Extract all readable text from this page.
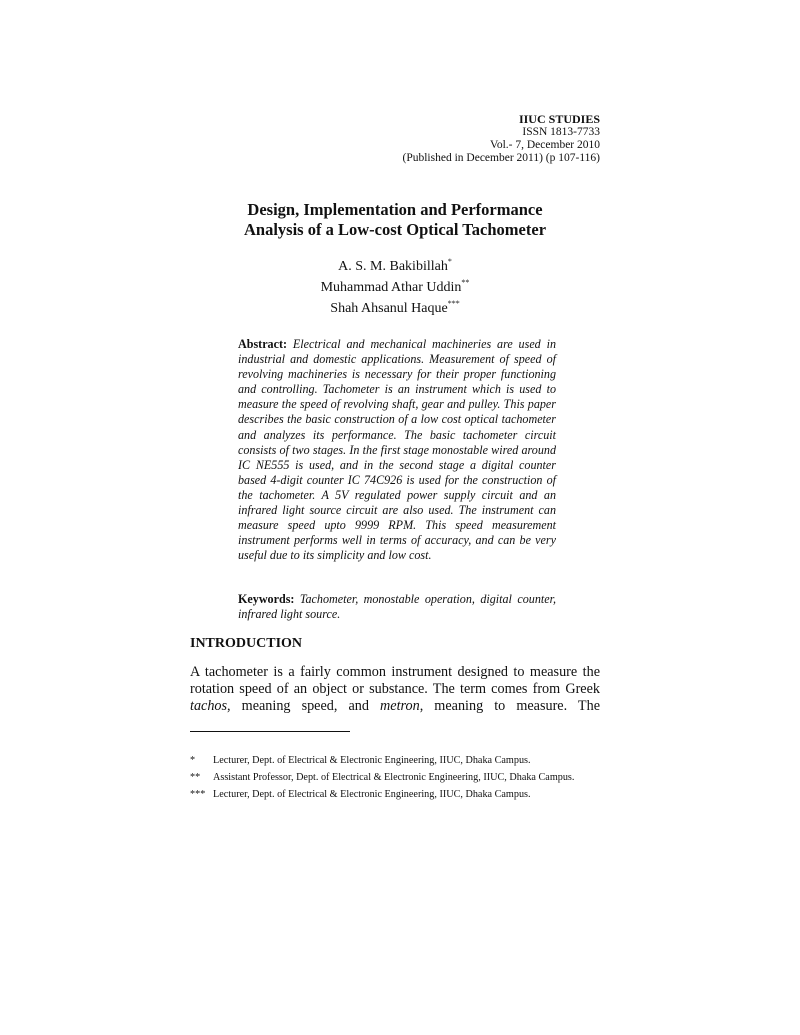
IIUC STUDIES
ISSN 1813-7733
Vol.- 7, December 2010
(Published in December 2011) (p 107-116)
Design, Implementation and Performance
Analysis of a Low-cost Optical Tachometer
A. S. M. Bakibillah*
Muhammad Athar Uddin**
Shah Ahsanul Haque***
Abstract: Electrical and mechanical machineries are used in industrial and domestic applications. Measurement of speed of revolving machineries is necessary for their proper functioning and controlling. Tachometer is an instrument which is used to measure the speed of revolving shaft, gear and pulley. This paper describes the basic construction of a low cost optical tachometer and analyzes its performance. The basic tachometer circuit consists of two stages. In the first stage monostable wired around IC NE555 is used, and in the second stage a digital counter based 4-digit counter IC 74C926 is used for the construction of the tachometer. A 5V regulated power supply circuit and an infrared light source circuit are also used. The instrument can measure speed upto 9999 RPM. This speed measurement instrument performs well in terms of accuracy, and can be very useful due to its simplicity and low cost.
Keywords: Tachometer, monostable operation, digital counter, infrared light source.
INTRODUCTION
A tachometer is a fairly common instrument designed to measure the rotation speed of an object or substance. The term comes from Greek tachos, meaning speed, and metron, meaning to measure. The
*	Lecturer, Dept. of Electrical & Electronic Engineering, IIUC, Dhaka Campus.
**	Assistant Professor, Dept. of Electrical & Electronic Engineering, IIUC, Dhaka Campus.
*** Lecturer, Dept. of Electrical & Electronic Engineering, IIUC, Dhaka Campus.
